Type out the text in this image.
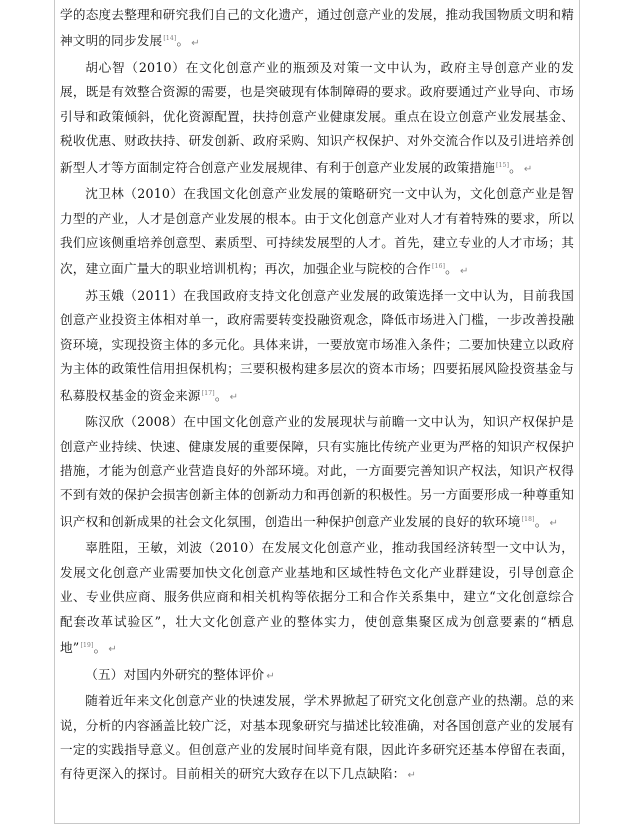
学的态度去整理和研究我们自己的文化遗产，通过创意产业的发展，推动我国物质文明和精神文明的同步发展[14]。 ↵

胡心智（2010）在文化创意产业的瓶颈及对策一文中认为，政府主导创意产业的发展，既是有效整合资源的需要，也是突破现有体制障碍的要求。政府要通过产业导向、市场引导和政策倾斜，优化资源配置，扶持创意产业健康发展。重点在设立创意产业发展基金、税收优惠、财政扶持、研发创新、政府采购、知识产权保护、对外交流合作以及引进培养创新型人才等方面制定符合创意产业发展规律、有利于创意产业发展的政策措施[15]。 ↵

沈卫林（2010）在我国文化创意产业发展的策略研究一文中认为，文化创意产业是智力型的产业，人才是创意产业发展的根本。由于文化创意产业对人才有着特殊的要求，所以我们应该侧重培养创意型、素质型、可持续发展型的人才。首先，建立专业的人才市场；其次，建立面广量大的职业培训机构；再次，加强企业与院校的合作[16]。 ↵

苏玉娥（2011）在我国政府支持文化创意产业发展的政策选择一文中认为，目前我国创意产业投资主体相对单一，政府需要转变投融资观念，降低市场进入门槛，一步改善投融资环境，实现投资主体的多元化。具体来讲，一要放宽市场准入条件；二要加快建立以政府为主体的政策性信用担保机构；三要积极构建多层次的资本市场；四要拓展风险投资基金与私募股权基金的资金来源[17]。 ↵

陈汉欣（2008）在中国文化创意产业的发展现状与前瞻一文中认为，知识产权保护是创意产业持续、快速、健康发展的重要保障，只有实施比传统产业更为严格的知识产权保护措施，才能为创意产业营造良好的外部环境。对此，一方面要完善知识产权法，知识产权得不到有效的保护会损害创新主体的创新动力和再创新的积极性。另一方面要形成一种尊重知识产权和创新成果的社会文化氛围，创造出一种保护创意产业发展的良好的软环境[18]。 ↵

辜胜阻，王敏，刘波（2010）在发展文化创意产业，推动我国经济转型一文中认为，发展文化创意产业需要加快文化创意产业基地和区域性特色文化产业群建设，引导创意企业、专业供应商、服务供应商和相关机构等依据分工和合作关系集中，建立“文化创意综合配套改革试验区”，壮大文化创意产业的整体实力，使创意集聚区成为创意要素的“栖息地”[19]。 ↵

（五）对国内外研究的整体评价 ↵

随着近年来文化创意产业的快速发展，学术界掀起了研究文化创意产业的热潮。总的来说，分析的内容涵盖比较广泛，对基本现象研究与描述比较准确，对各国创意产业的发展有一定的实践指导意义。但创意产业的发展时间毕竟有限，因此许多研究还基本停留在表面，有待更深入的探讨。目前相关的研究大致存在以下几点缺陷： ↵
